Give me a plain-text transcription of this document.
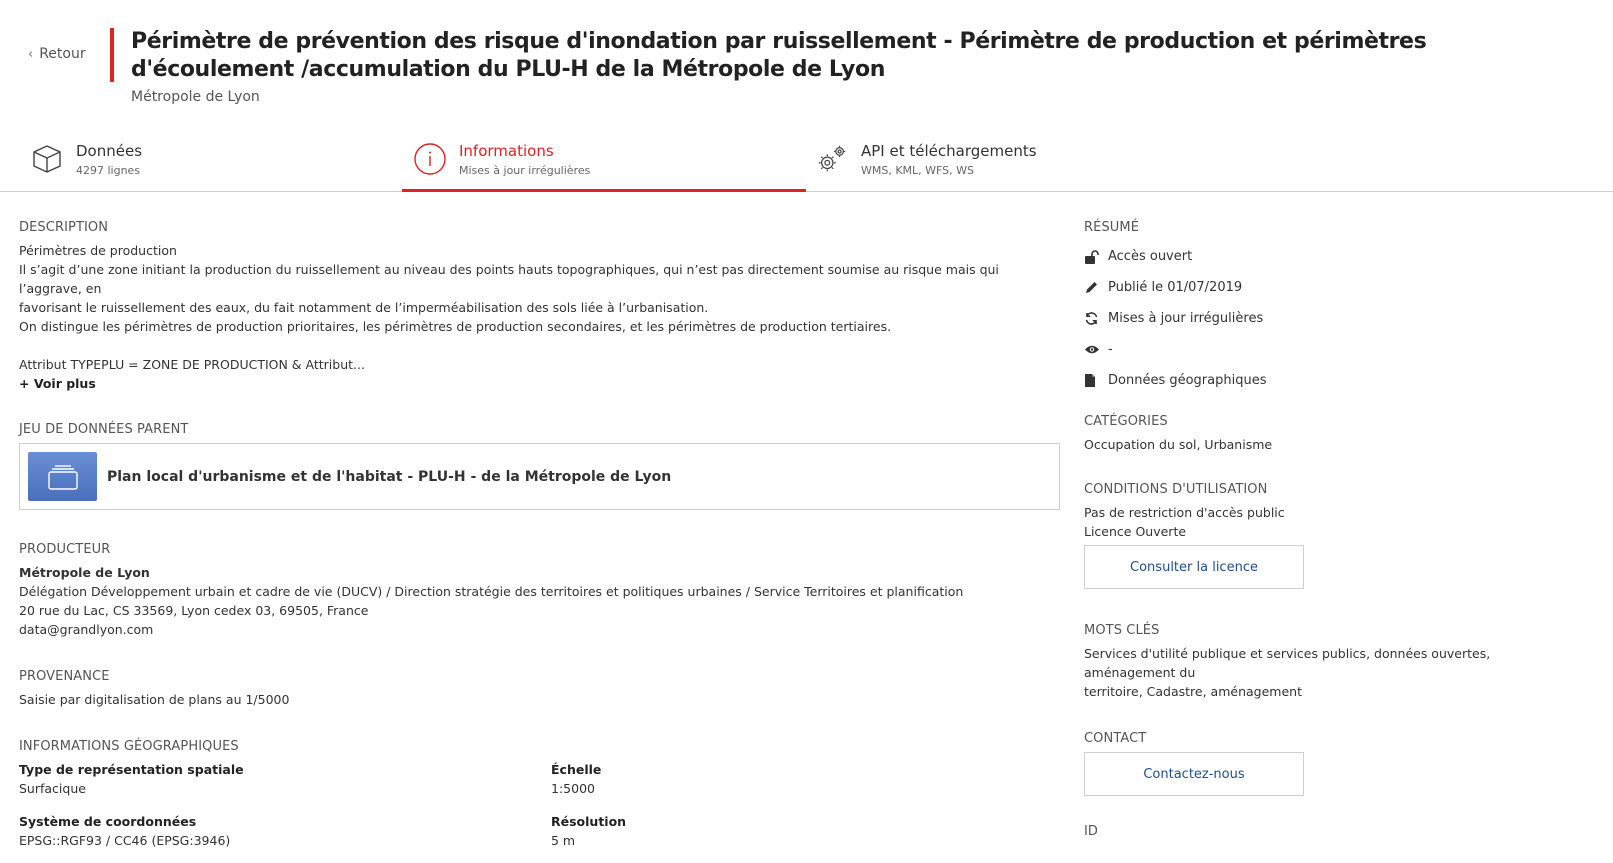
‹ Retour Périmètre de prévention des risque d'inondation par ruissellement - Périmètre de production et périmètres d'écoulement /accumulation du PLU-H de la Métropole de Lyon
Métropole de Lyon
Données
4297 lignes
Informations
Mises à jour irrégulières
API et téléchargements
WMS, KML, WFS, WS
DESCRIPTION
Périmètres de production
Il s’agit d’une zone initiant la production du ruissellement au niveau des points hauts topographiques, qui n’est pas directement soumise au risque mais qui l’aggrave, en
favorisant le ruissellement des eaux, du fait notamment de l’imperméabilisation des sols liée à l’urbanisation.
On distingue les périmètres de production prioritaires, les périmètres de production secondaires, et les périmètres de production tertiaires.
Attribut TYPEPLU = ZONE DE PRODUCTION & Attribut...
+ Voir plus
JEU DE DONNÉES PARENT
Plan local d'urbanisme et de l'habitat - PLU-H - de la Métropole de Lyon
PRODUCTEUR
Métropole de Lyon
Délégation Développement urbain et cadre de vie (DUCV) / Direction stratégie des territoires et politiques urbaines / Service Territoires et planification
20 rue du Lac, CS 33569, Lyon cedex 03, 69505, France
data@grandlyon.com
PROVENANCE
Saisie par digitalisation de plans au 1/5000
INFORMATIONS GÉOGRAPHIQUES
Type de représentation spatiale
Surfacique
Échelle
1:5000
Système de coordonnées
EPSG::RGF93 / CC46 (EPSG:3946)
Résolution
5 m
RÉSUMÉ
Accès ouvert
Publié le 01/07/2019
Mises à jour irrégulières
-
Données géographiques
CATÉGORIES
Occupation du sol, Urbanisme
CONDITIONS D'UTILISATION
Pas de restriction d'accès public
Licence Ouverte
Consulter la licence
MOTS CLÉS
Services d'utilité publique et services publics, données ouvertes, aménagement du
territoire, Cadastre, aménagement
CONTACT
Contactez-nous
ID
